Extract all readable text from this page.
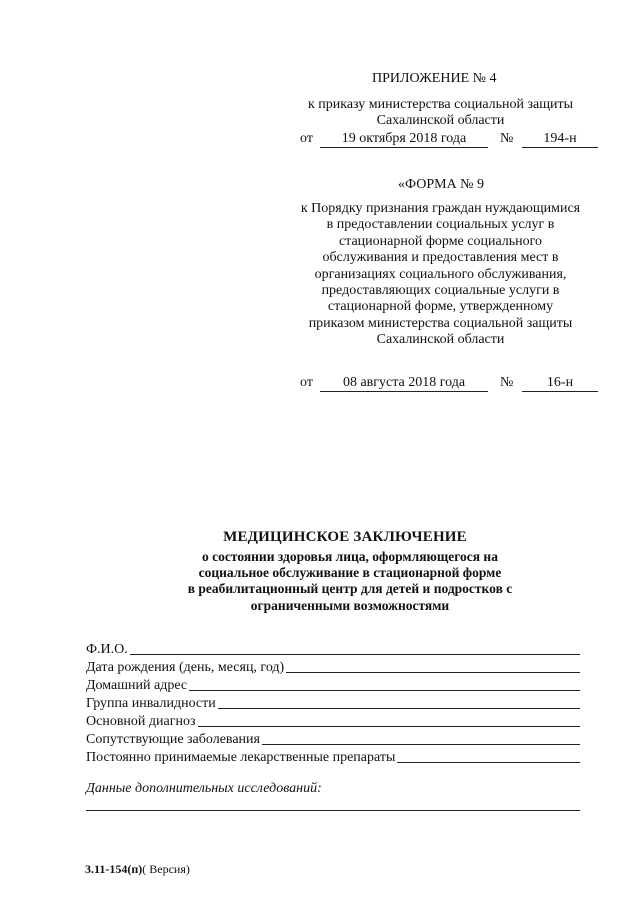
ПРИЛОЖЕНИЕ № 4
к приказу министерства социальной защиты
Сахалинской области
от	19 октября 2018 года	№	194-н
«ФОРМА № 9
к Порядку признания граждан нуждающимися
в предоставлении социальных услуг в
стационарной форме социального
обслуживания и предоставления мест в
организациях социального обслуживания,
предоставляющих социальные услуги в
стационарной форме, утвержденному
приказом министерства социальной защиты
Сахалинской области
от	08 августа 2018 года	№	16-н
МЕДИЦИНСКОЕ ЗАКЛЮЧЕНИЕ
о состоянии здоровья лица, оформляющегося на
социальное обслуживание в стационарной форме
в реабилитационный центр для детей и подростков с
ограниченными возможностями
Ф.И.О.
Дата рождения (день, месяц, год)
Домашний адрес
Группа инвалидности
Основной диагноз
Сопутствующие заболевания
Постоянно принимаемые лекарственные препараты
Данные дополнительных исследований:
3.11-154(п)( Версия)
